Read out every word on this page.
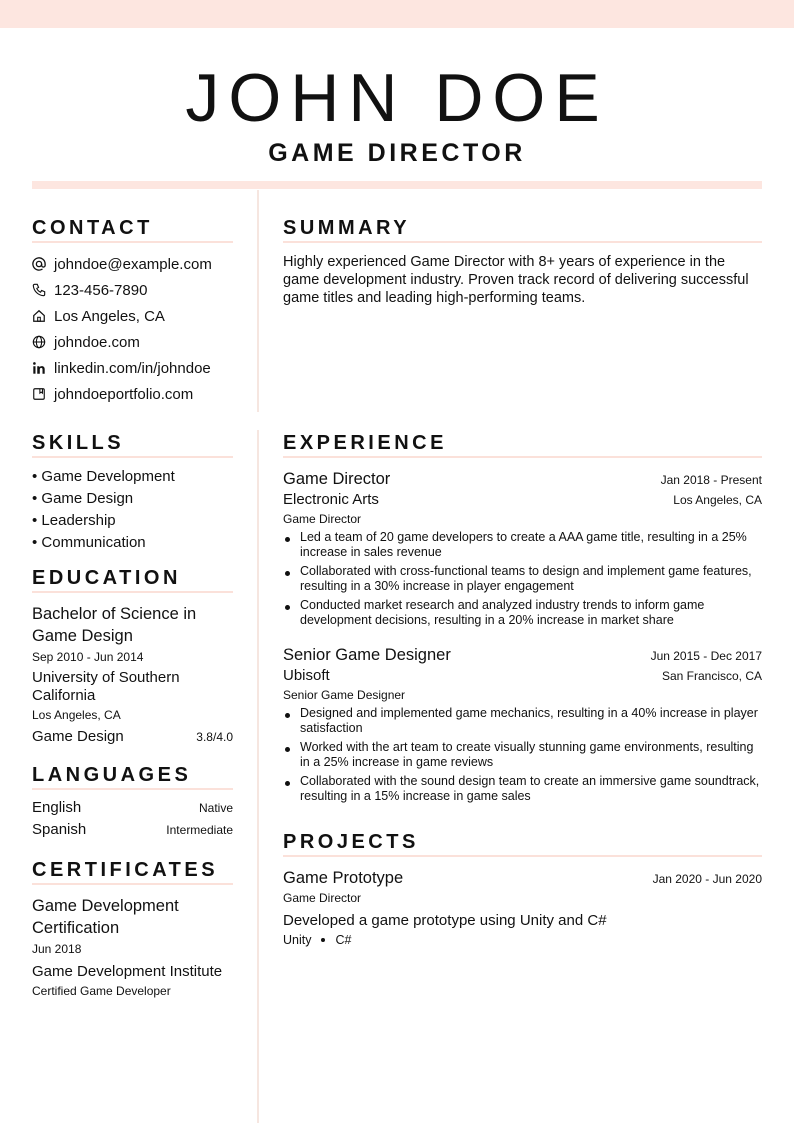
JOHN DOE
GAME DIRECTOR
CONTACT
johndoe@example.com
123-456-7890
Los Angeles, CA
johndoe.com
linkedin.com/in/johndoe
johndoeportfolio.com
SKILLS
• Game Development
• Game Design
• Leadership
• Communication
EDUCATION
Bachelor of Science in Game Design
Sep 2010 - Jun 2014
University of Southern California
Los Angeles, CA
Game Design	3.8/4.0
LANGUAGES
English	Native
Spanish	Intermediate
CERTIFICATES
Game Development Certification
Jun 2018
Game Development Institute
Certified Game Developer
SUMMARY
Highly experienced Game Director with 8+ years of experience in the game development industry. Proven track record of delivering successful game titles and leading high-performing teams.
EXPERIENCE
Game Director	Jan 2018 - Present
Electronic Arts	Los Angeles, CA
Game Director
Led a team of 20 game developers to create a AAA game title, resulting in a 25% increase in sales revenue
Collaborated with cross-functional teams to design and implement game features, resulting in a 30% increase in player engagement
Conducted market research and analyzed industry trends to inform game development decisions, resulting in a 20% increase in market share
Senior Game Designer	Jun 2015 - Dec 2017
Ubisoft	San Francisco, CA
Senior Game Designer
Designed and implemented game mechanics, resulting in a 40% increase in player satisfaction
Worked with the art team to create visually stunning game environments, resulting in a 25% increase in game reviews
Collaborated with the sound design team to create an immersive game soundtrack, resulting in a 15% increase in game sales
PROJECTS
Game Prototype	Jan 2020 - Jun 2020
Game Director
Developed a game prototype using Unity and C#
Unity C#
